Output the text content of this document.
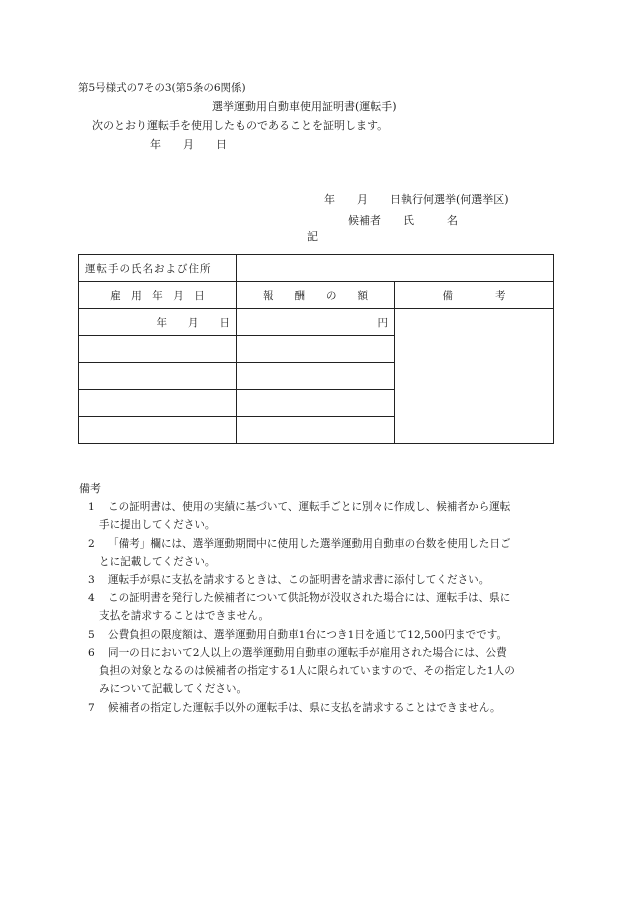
第5号様式の7その3(第5条の6関係)
選挙運動用自動車使用証明書(運転手)
次のとおり運転手を使用したものであることを証明します。
年　　月　　日
年　　月　　日執行何選挙(何選挙区)
候補者　　氏　　　名
記
運転手の氏名および住所		
雇　用　年　月　日	報　　酬　　の　　額	備　　　　考
年　　月　　日	円	

備考
1 この証明書は、使用の実績に基づいて、運転手ごとに別々に作成し、候補者から運転
手に提出してください。
2 「備考」欄には、選挙運動期間中に使用した選挙運動用自動車の台数を使用した日ご
とに記載してください。
3 運転手が県に支払を請求するときは、この証明書を請求書に添付してください。
4 この証明書を発行した候補者について供託物が没収された場合には、運転手は、県に
支払を請求することはできません。
5 公費負担の限度額は、選挙運動用自動車1台につき1日を通じて12,500円までです。
6 同一の日において2人以上の選挙運動用自動車の運転手が雇用された場合には、公費
負担の対象となるのは候補者の指定する1人に限られていますので、その指定した1人の
みについて記載してください。
7 候補者の指定した運転手以外の運転手は、県に支払を請求することはできません。
